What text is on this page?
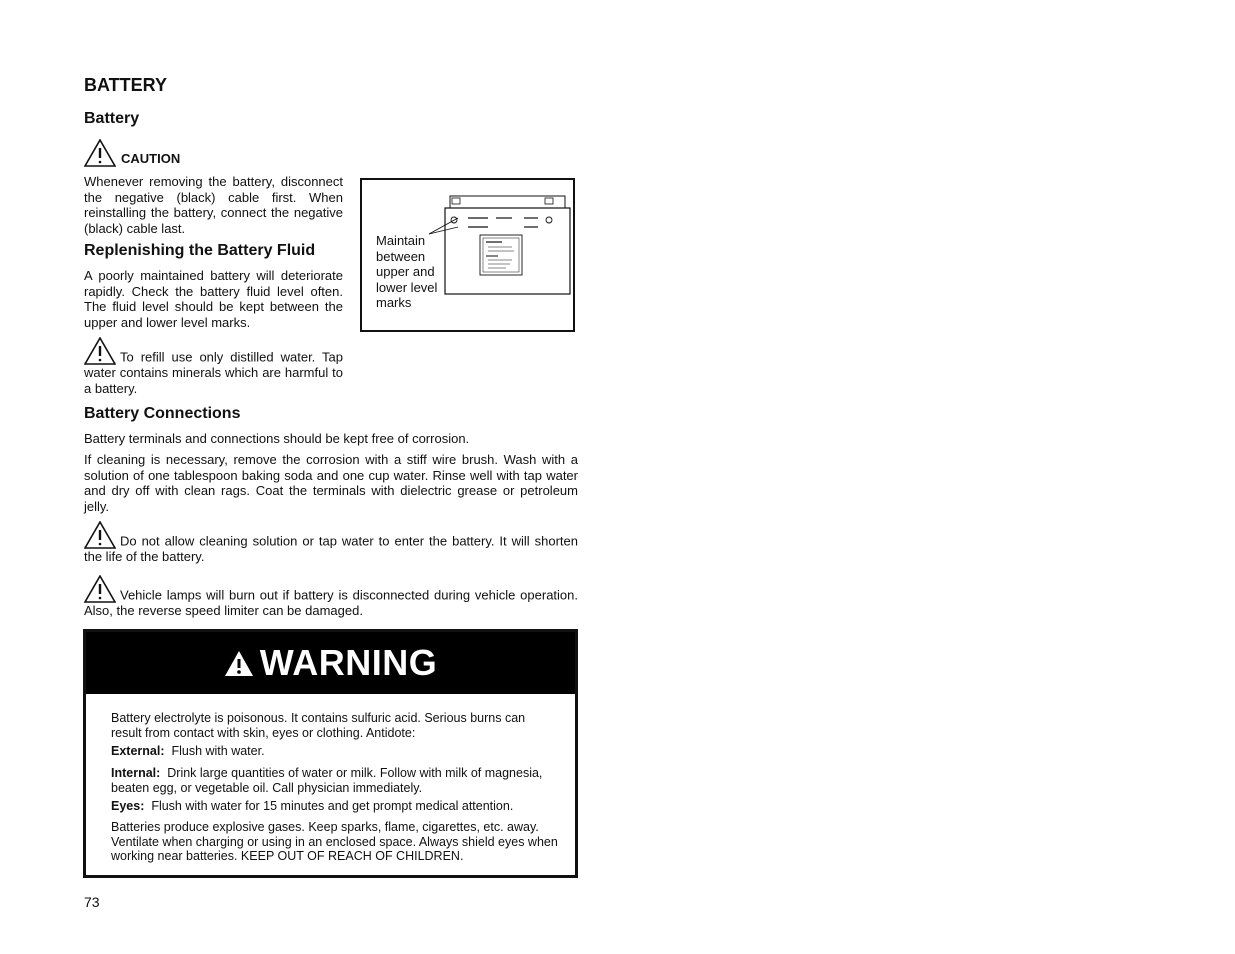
BATTERY
Battery
CAUTION
Whenever removing the battery, disconnect the negative (black) cable first. When reinstalling the battery, connect the negative (black) cable last.
Replenishing the Battery Fluid
A poorly maintained battery will deteriorate rapidly. Check the battery fluid level often. The fluid level should be kept between the upper and lower level marks.
To refill use only distilled water. Tap water contains minerals which are harmful to a battery.
Maintain
between
upper and
lower level
marks
Battery Connections
Battery terminals and connections should be kept free of corrosion.
If cleaning is necessary, remove the corrosion with a stiff wire brush. Wash with a solution of one tablespoon baking soda and one cup water. Rinse well with tap water and dry off with clean rags. Coat the terminals with dielectric grease or petroleum jelly.
Do not allow cleaning solution or tap water to enter the battery. It will shorten the life of the battery.
Vehicle lamps will burn out if battery is disconnected during vehicle operation. Also, the reverse speed limiter can be damaged.
WARNING
Battery electrolyte is poisonous. It contains sulfuric acid. Serious burns can result from contact with skin, eyes or clothing. Antidote:
External: Flush with water.
Internal: Drink large quantities of water or milk. Follow with milk of magnesia, beaten egg, or vegetable oil. Call physician immediately.
Eyes: Flush with water for 15 minutes and get prompt medical attention.
Batteries produce explosive gases. Keep sparks, flame, cigarettes, etc. away. Ventilate when charging or using in an enclosed space. Always shield eyes when working near batteries. KEEP OUT OF REACH OF CHILDREN.
73
